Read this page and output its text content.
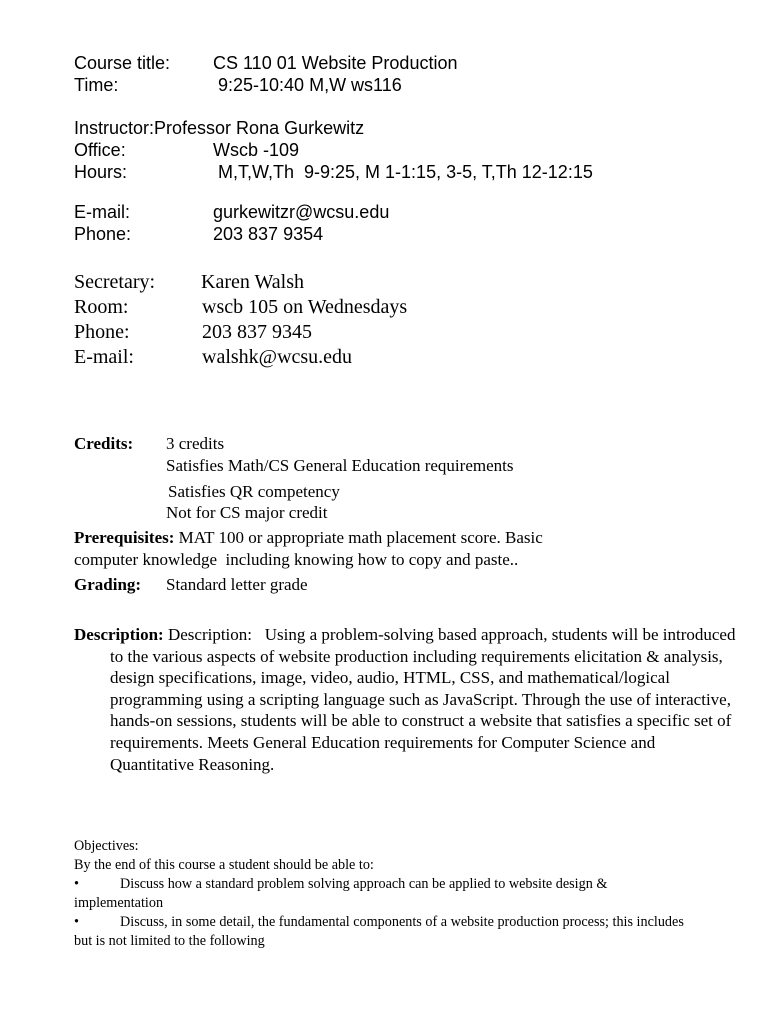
Course title: CS 110 01 Website Production
Time:	9:25-10:40 M,W ws116
Instructor:Professor Rona Gurkewitz
Office:	Wscb -109
Hours:	M,T,W,Th  9-9:25, M 1-1:15, 3-5, T,Th 12-12:15
E-mail:	gurkewitzr@wcsu.edu
Phone:	203 837 9354
Secretary: Karen Walsh
Room:	wscb 105 on Wednesdays
Phone:	203 837 9345
E-mail:	walshk@wcsu.edu
Credits: 3 credits
Satisfies Math/CS General Education requirements
Satisfies QR competency
Not for CS major credit
Prerequisites: MAT 100 or appropriate math placement score. Basic
computer knowledge  including knowing how to copy and paste..
Grading: Standard letter grade
Description: Description:   Using a problem-solving based approach, students will be introduced to the various aspects of website production including requirements elicitation & analysis, design specifications, image, video, audio, HTML, CSS, and mathematical/logical programming using a scripting language such as JavaScript. Through the use of interactive, hands-on sessions, students will be able to construct a website that satisfies a specific set of requirements. Meets General Education requirements for Computer Science and Quantitative Reasoning.
Objectives:
By the end of this course a student should be able to:
•	Discuss how a standard problem solving approach can be applied to website design & implementation
•	Discuss, in some detail, the fundamental components of a website production process; this includes but is not limited to the following
